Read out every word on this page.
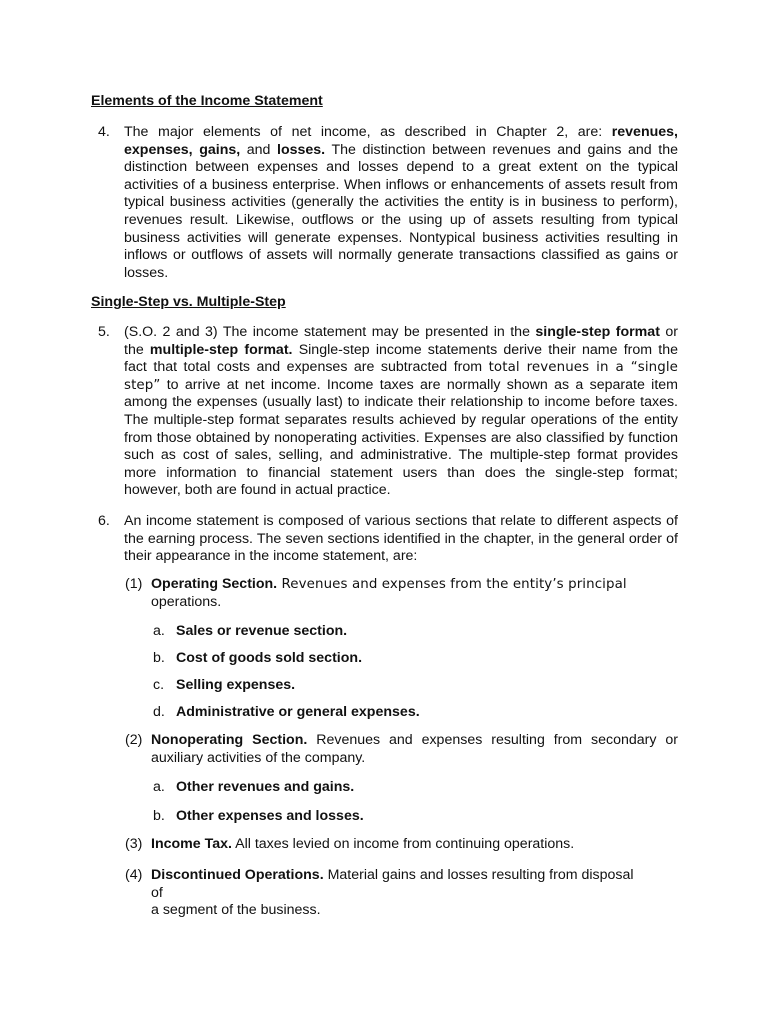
Elements of the Income Statement
4. The major elements of net income, as described in Chapter 2, are: revenues, expenses, gains, and losses. The distinction between revenues and gains and the distinction between expenses and losses depend to a great extent on the typical activities of a business enterprise. When inflows or enhancements of assets result from typical business activities (generally the activities the entity is in business to perform), revenues result. Likewise, outflows or the using up of assets resulting from typical business activities will generate expenses. Nontypical business activities resulting in inflows or outflows of assets will normally generate transactions classified as gains or losses.
Single-Step vs. Multiple-Step
5. (S.O. 2 and 3) The income statement may be presented in the single-step format or the multiple-step format. Single-step income statements derive their name from the fact that total costs and expenses are subtracted from total revenues in a “single step” to arrive at net income. Income taxes are normally shown as a separate item among the expenses (usually last) to indicate their relationship to income before taxes. The multiple-step format separates results achieved by regular operations of the entity from those obtained by nonoperating activities. Expenses are also classified by function such as cost of sales, selling, and administrative. The multiple-step format provides more information to financial statement users than does the single-step format; however, both are found in actual practice.
6. An income statement is composed of various sections that relate to different aspects of the earning process. The seven sections identified in the chapter, in the general order of their appearance in the income statement, are:
(1) Operating Section. Revenues and expenses from the entity’s principal
operations.
a. Sales or revenue section.
b. Cost of goods sold section.
c. Selling expenses.
d. Administrative or general expenses.
(2) Nonoperating Section. Revenues and expenses resulting from secondary or auxiliary activities of the company.
a. Other revenues and gains.
b. Other expenses and losses.
(3) Income Tax. All taxes levied on income from continuing operations.
(4) Discontinued Operations. Material gains and losses resulting from disposal
of
a segment of the business.
